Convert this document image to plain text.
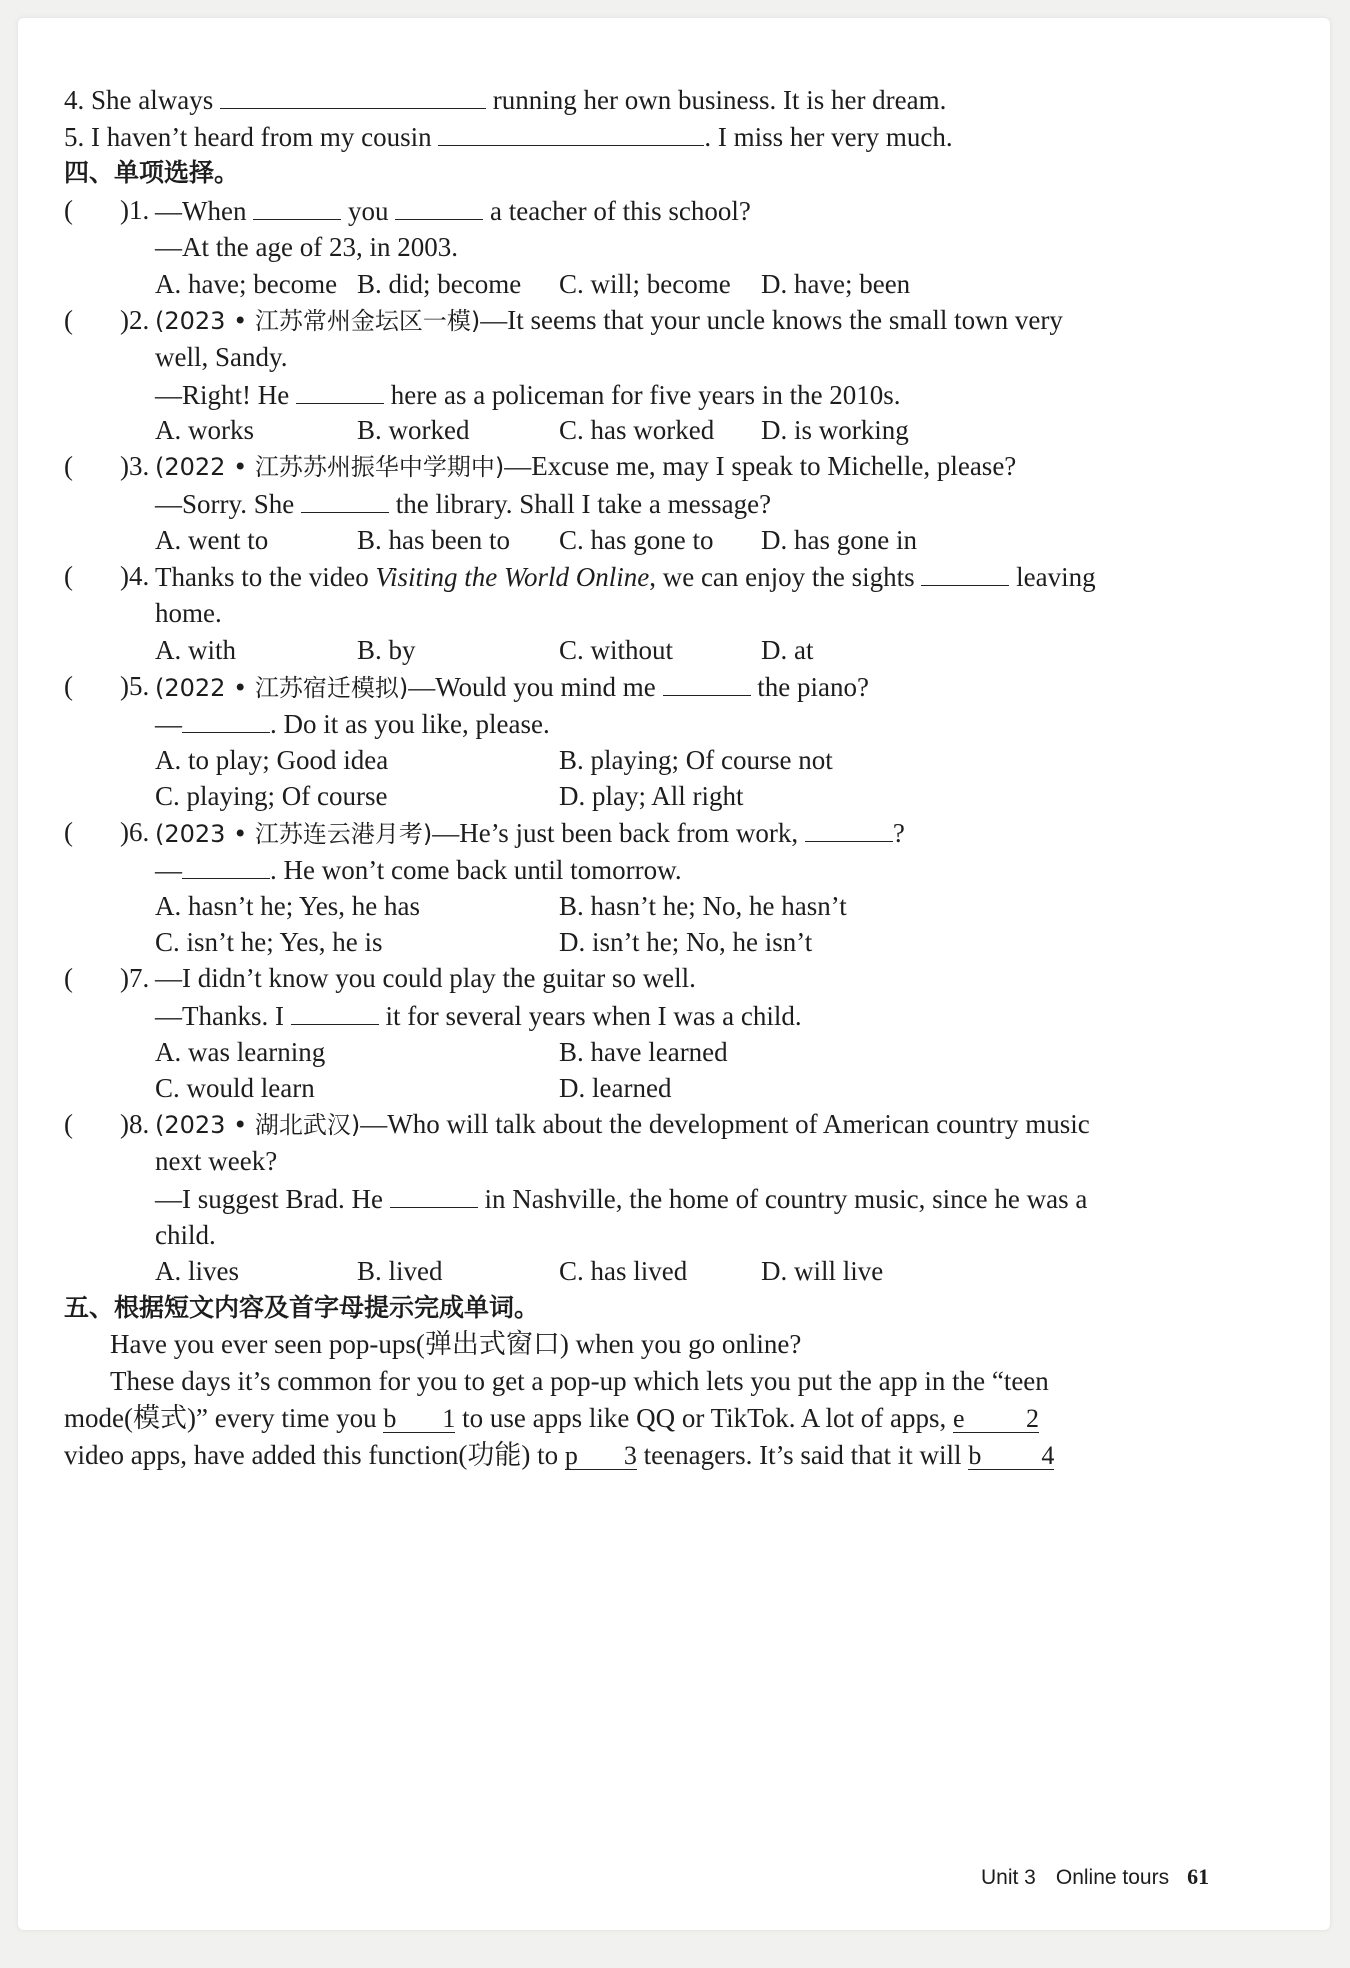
4. She always	running her own business. It is her dream.
5. I haven’t heard from my cousin	. I miss her very much.
四、单项选择。
( )1. —When	you	a teacher of this school?
—At the age of 23, in 2003.
A. have; become B. did; become C. will; become D. have; been
( )2. (2023 • 江苏常州金坛区一模)—It seems that your uncle knows the small town very
well, Sandy.
—Right! He	here as a policeman for five years in the 2010s.
A. works	B. worked	C. has worked D. is working
( )3. (2022 • 江苏苏州振华中学期中)—Excuse me, may I speak to Michelle, please?
—Sorry. She	the library. Shall I take a message?
A. went to	B. has been to C. has gone to D. has gone in
( )4. Thanks to the video Visiting the World Online, we can enjoy the sights	leaving
home.
A. with	B. by	C. without	D. at
( )5. (2022 • 江苏宿迁模拟)—Would you mind me	the piano?
—	. Do it as you like, please.
A. to play; Good idea	B. playing; Of course not
C. playing; Of course	D. play; All right
( )6. (2023 • 江苏连云港月考)—He’s just been back from work,	?
—	. He won’t come back until tomorrow.
A. hasn’t he; Yes, he has	B. hasn’t he; No, he hasn’t
C. isn’t he; Yes, he is	D. isn’t he; No, he isn’t
( )7. —I didn’t know you could play the guitar so well.
—Thanks. I	it for several years when I was a child.
A. was learning	B. have learned
C. would learn	D. learned
( )8. (2023 • 湖北武汉)—Who will talk about the development of American country music
next week?
—I suggest Brad. He	in Nashville, the home of country music, since he was a
child.
A. lives	B. lived	C. has lived	D. will live
五、根据短文内容及首字母提示完成单词。
Have you ever seen pop-ups(弹出式窗口) when you go online?
These days it’s common for you to get a pop-up which lets you put the app in the “teen
mode(模式)” every time you b 1 to use apps like QQ or TikTok. A lot of apps, e 2
video apps, have added this function(功能) to p 3 teenagers. It’s said that it will b 4
Unit 3 Online tours 61
